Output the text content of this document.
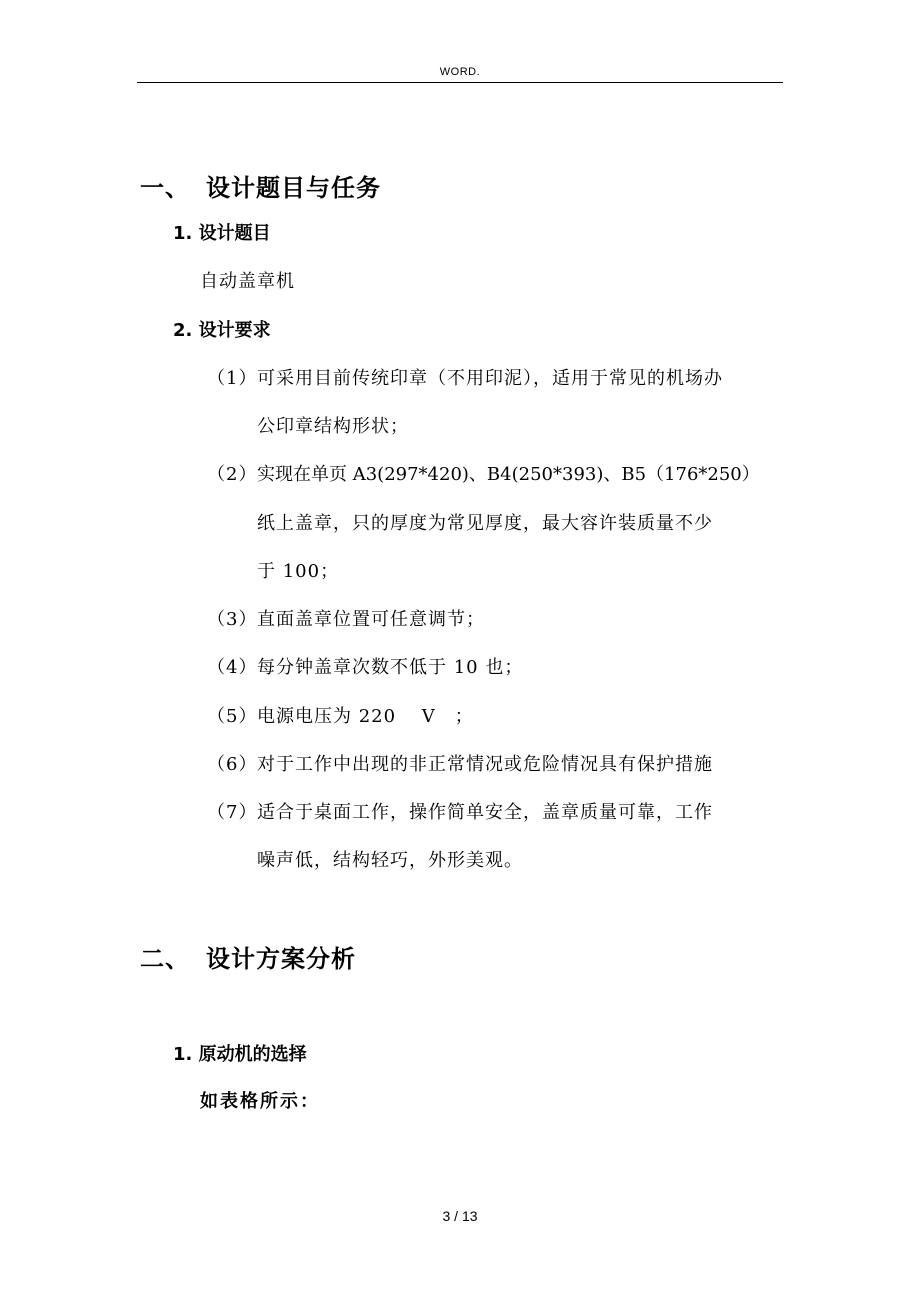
WORD.
一、 设计题目与任务
1. 设计题目
自动盖章机
2. 设计要求
（1）可采用目前传统印章（不用印泥），适用于常见的机场办
公印章结构形状；
（2）实现在单页 A3(297*420)、B4(250*393)、B5（176*250）
纸上盖章，只的厚度为常见厚度，最大容许装质量不少
于 100；
（3）直面盖章位置可任意调节；
（4）每分钟盖章次数不低于 10 也；
（5）电源电压为 220　 V　；
（6）对于工作中出现的非正常情况或危险情况具有保护措施
（7）适合于桌面工作，操作简单安全，盖章质量可靠，工作
噪声低，结构轻巧，外形美观。
二、 设计方案分析
1. 原动机的选择
如表格所示：
3 / 13
